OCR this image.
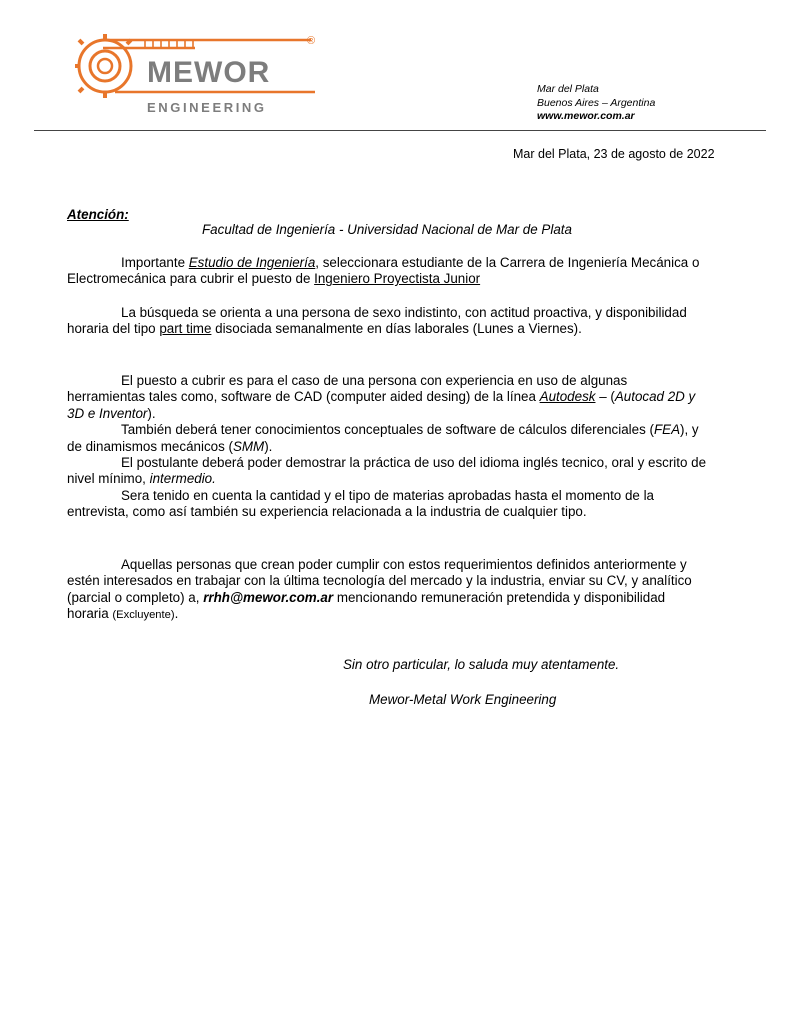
MEWOR
ENGINEERING
®
Mar del Plata
Buenos Aires – Argentina
www.mewor.com.ar
Mar del Plata, 23 de agosto de 2022
Atención:
Facultad de Ingeniería - Universidad Nacional de Mar de Plata

Importante Estudio de Ingeniería, seleccionara estudiante de la Carrera de Ingeniería Mecánica o Electromecánica para cubrir el puesto de Ingeniero Proyectista Junior

La búsqueda se orienta a una persona de sexo indistinto, con actitud proactiva, y disponibilidad horaria del tipo part time disociada semanalmente en días laborales (Lunes a Viernes).

El puesto a cubrir es para el caso de una persona con experiencia en uso de algunas herramientas tales como, software de CAD (computer aided desing) de la línea Autodesk – (Autocad 2D y 3D e Inventor).

También deberá tener conocimientos conceptuales de software de cálculos diferenciales (FEA), y de dinamismos mecánicos (SMM).

El postulante deberá poder demostrar la práctica de uso del idioma inglés tecnico, oral y escrito de nivel mínimo, intermedio.

Sera tenido en cuenta la cantidad y el tipo de materias aprobadas hasta el momento de la entrevista, como así también su experiencia relacionada a la industria de cualquier tipo.

Aquellas personas que crean poder cumplir con estos requerimientos definidos anteriormente y estén interesados en trabajar con la última tecnología del mercado y la industria, enviar su CV, y analítico (parcial o completo) a, rrhh@mewor.com.ar mencionando remuneración pretendida y disponibilidad horaria (Excluyente).

Sin otro particular, lo saluda muy atentamente.
Mewor-Metal Work Engineering
